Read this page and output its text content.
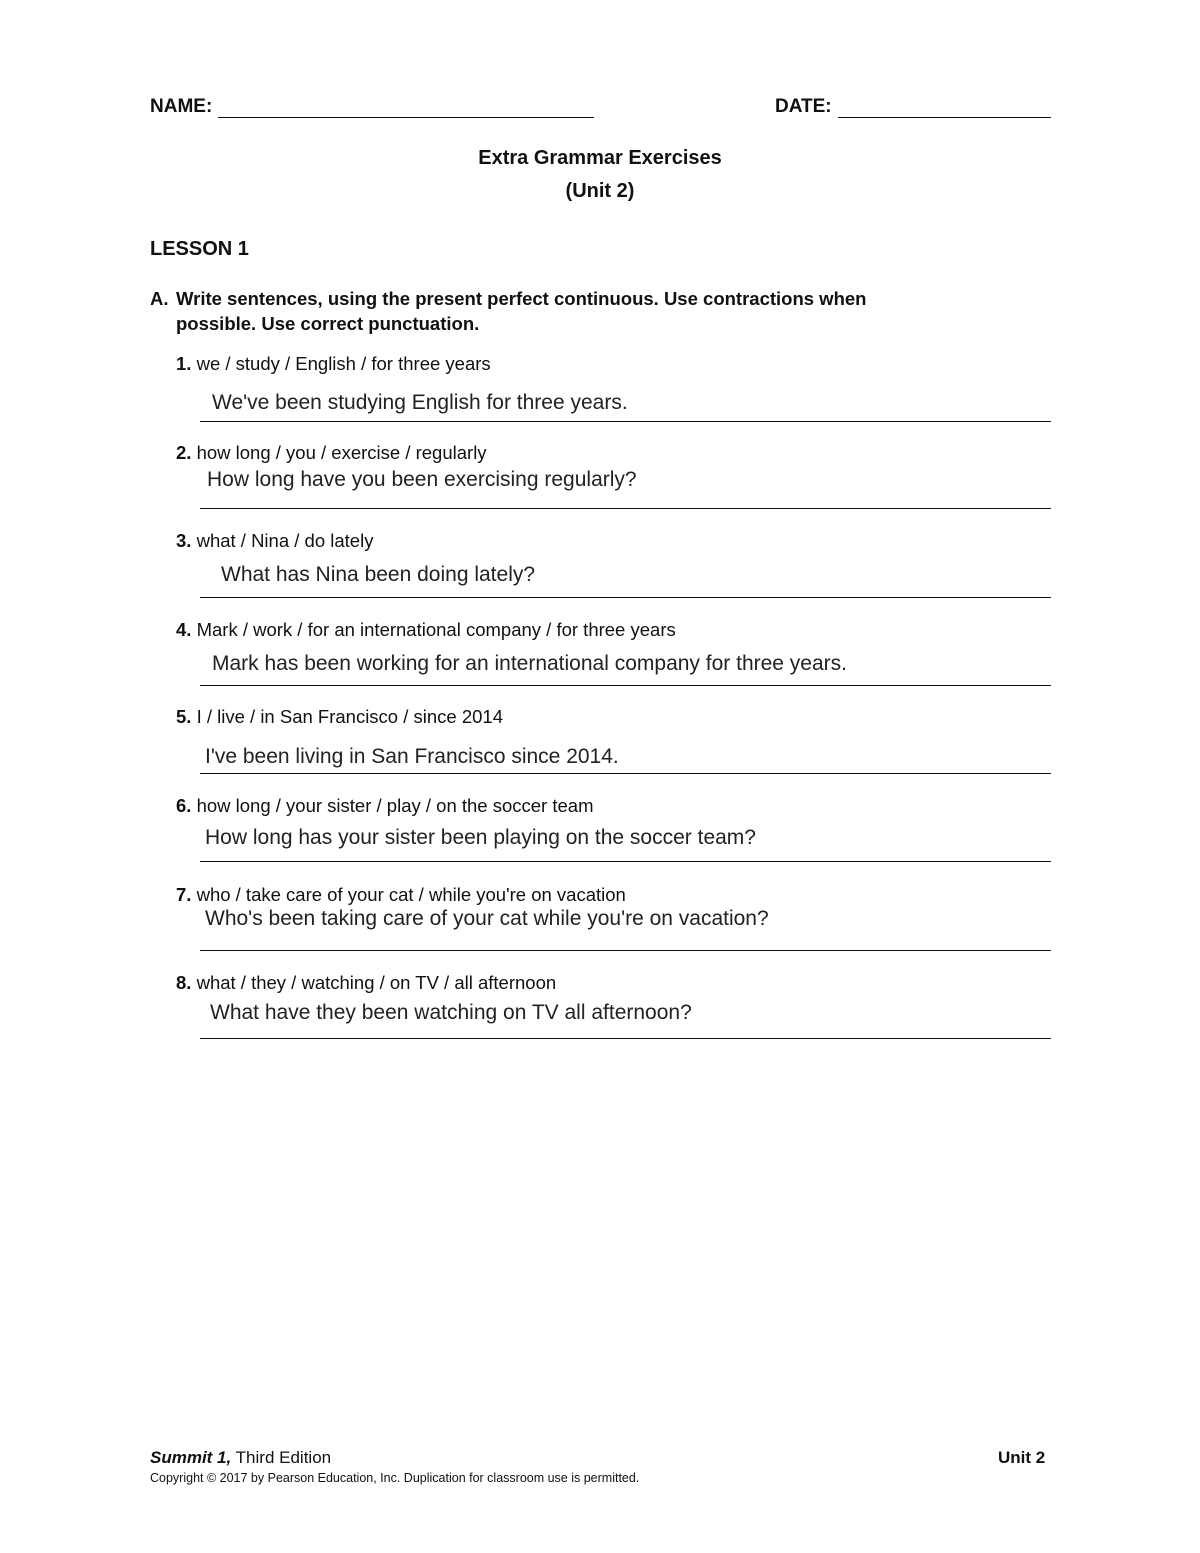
NAME:	DATE:
Extra Grammar Exercises
(Unit 2)
LESSON 1
A. Write sentences, using the present perfect continuous. Use contractions when
possible. Use correct punctuation.
1. we / study / English / for three years
We've been studying English for three years.
2. how long / you / exercise / regularly
How long have you been exercising regularly?
3. what / Nina / do lately
What has Nina been doing lately?
4. Mark / work / for an international company / for three years
Mark has been working for an international company for three years.
5. I / live / in San Francisco / since 2014
I've been living in San Francisco since 2014.
6. how long / your sister / play / on the soccer team
How long has your sister been playing on the soccer team?
7. who / take care of your cat / while you're on vacation
Who's been taking care of your cat while you're on vacation?
8. what / they / watching / on TV / all afternoon
What have they been watching on TV all afternoon?
Summit 1, Third Edition	Unit 2
Copyright © 2017 by Pearson Education, Inc. Duplication for classroom use is permitted.
